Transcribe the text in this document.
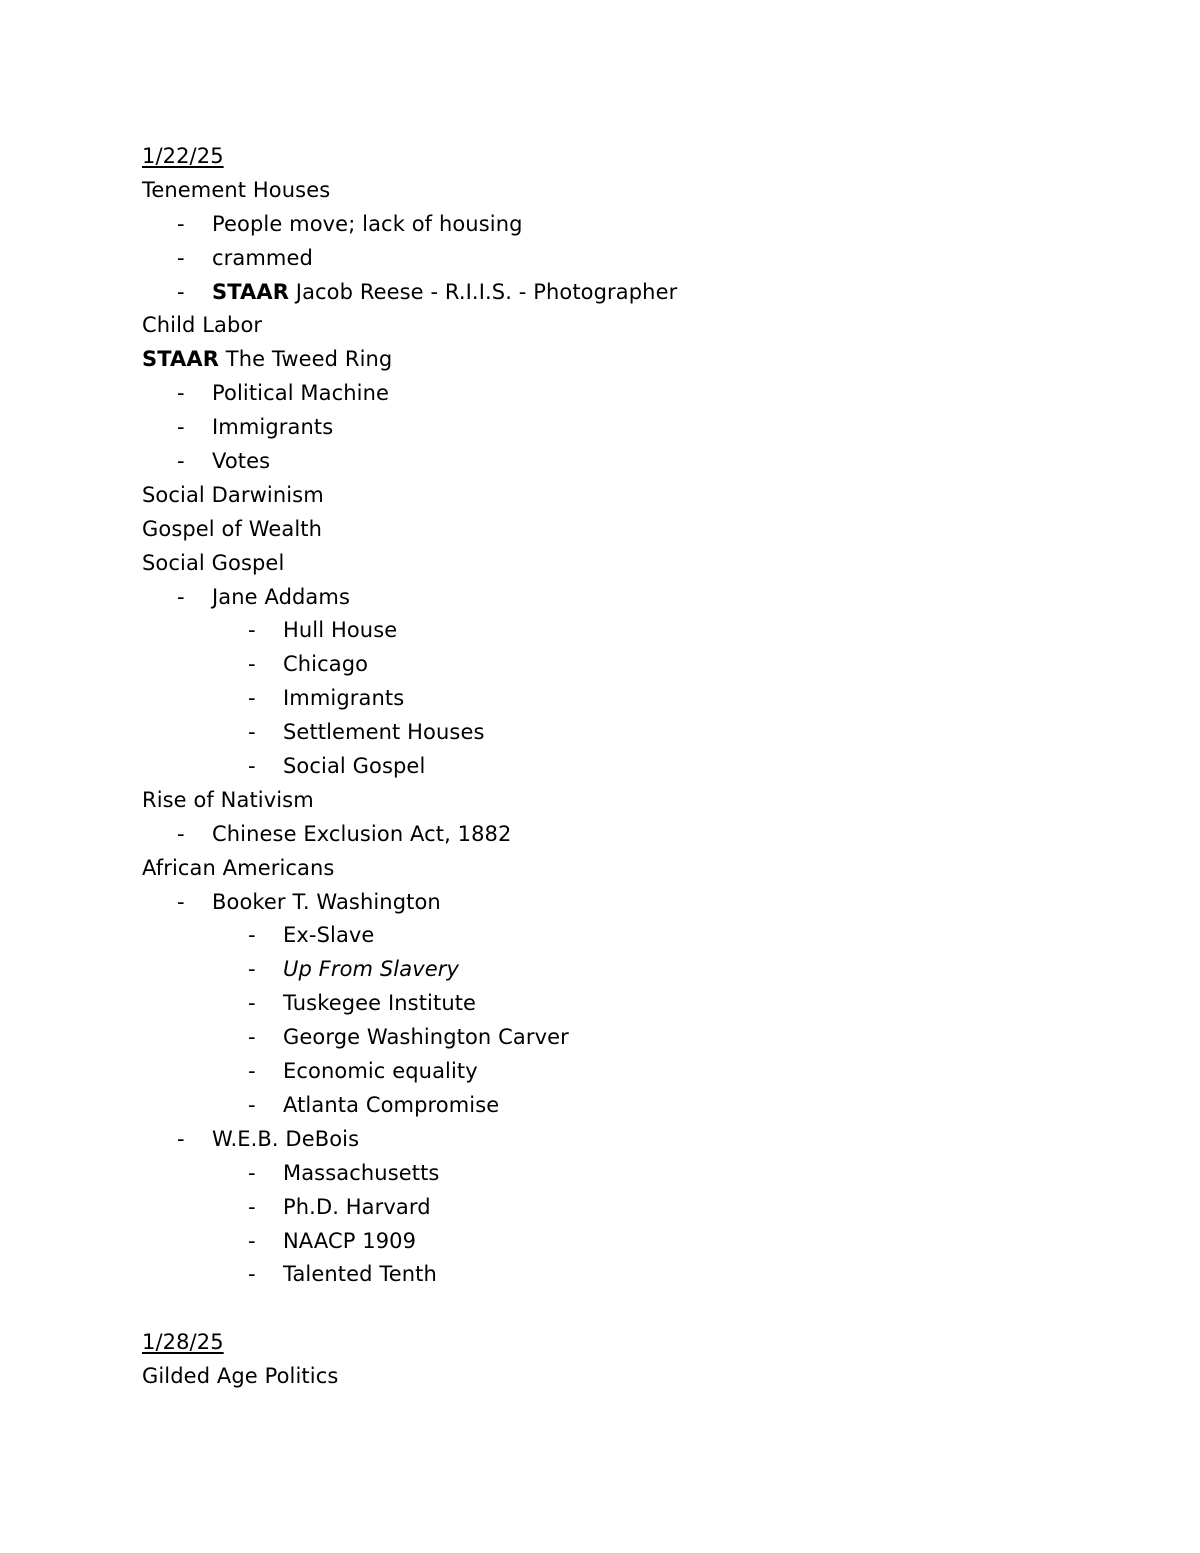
1/22/25
Tenement Houses
- People move; lack of housing
- crammed
- STAAR Jacob Reese - R.I.I.S. - Photographer
Child Labor
STAAR The Tweed Ring
- Political Machine
- Immigrants
- Votes
Social Darwinism
Gospel of Wealth
Social Gospel
- Jane Addams
- Hull House
- Chicago
- Immigrants
- Settlement Houses
- Social Gospel
Rise of Nativism
- Chinese Exclusion Act, 1882
African Americans
- Booker T. Washington
- Ex-Slave
- Up From Slavery
- Tuskegee Institute
- George Washington Carver
- Economic equality
- Atlanta Compromise
- W.E.B. DeBois
- Massachusetts
- Ph.D. Harvard
- NAACP 1909
- Talented Tenth
1/28/25
Gilded Age Politics
